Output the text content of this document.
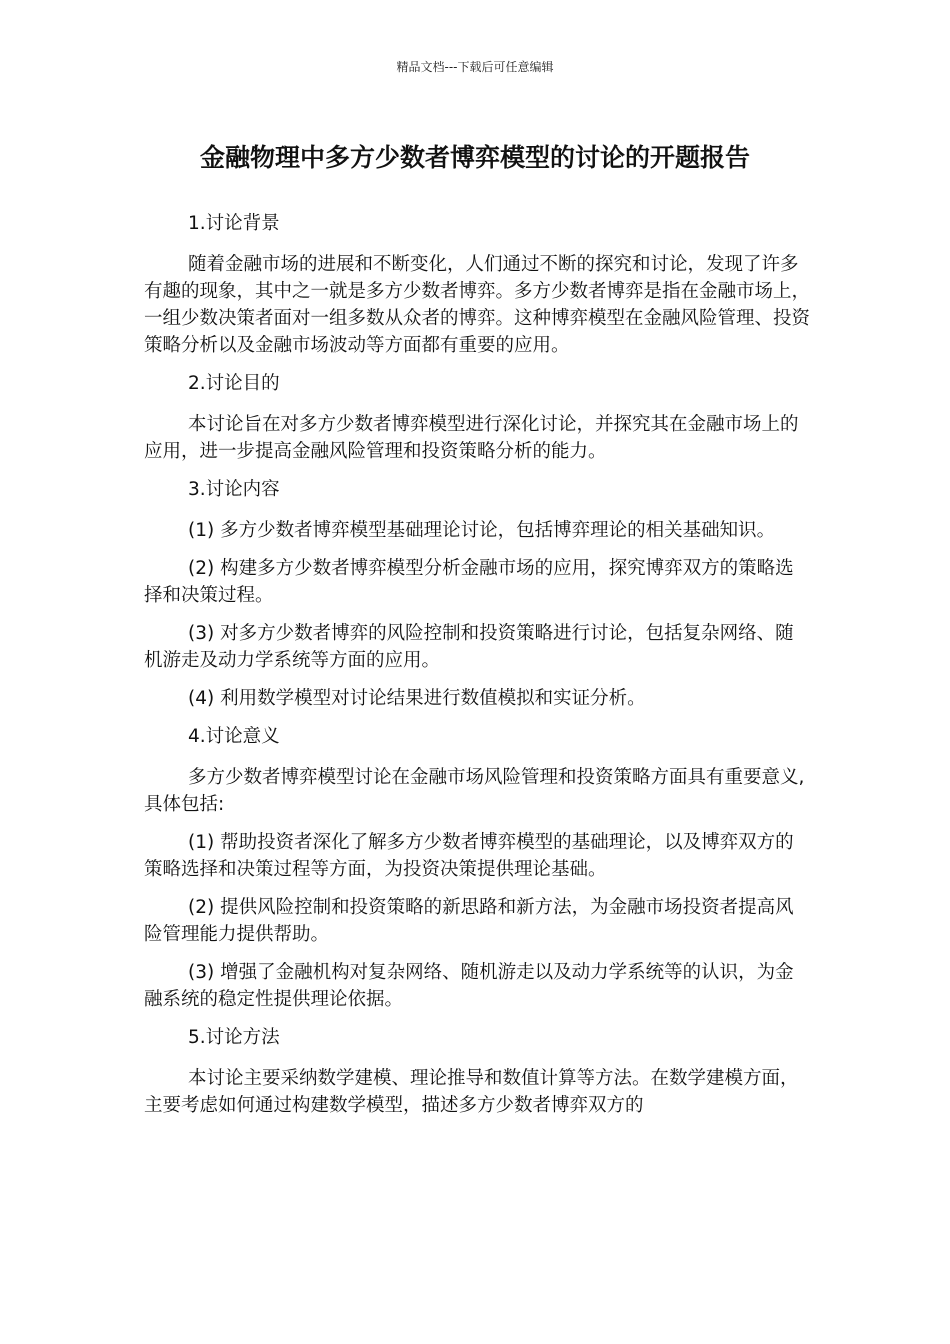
精品文档---下载后可任意编辑
金融物理中多方少数者博弈模型的讨论的开题报告

1.讨论背景

随着金融市场的进展和不断变化，人们通过不断的探究和讨论，发现了许多有趣的现象，其中之一就是多方少数者博弈。多方少数者博弈是指在金融市场上，一组少数决策者面对一组多数从众者的博弈。这种博弈模型在金融风险管理、投资策略分析以及金融市场波动等方面都有重要的应用。

2.讨论目的

本讨论旨在对多方少数者博弈模型进行深化讨论，并探究其在金融市场上的应用，进一步提高金融风险管理和投资策略分析的能力。

3.讨论内容

(1) 多方少数者博弈模型基础理论讨论，包括博弈理论的相关基础知识。

(2) 构建多方少数者博弈模型分析金融市场的应用，探究博弈双方的策略选择和决策过程。

(3) 对多方少数者博弈的风险控制和投资策略进行讨论，包括复杂网络、随机游走及动力学系统等方面的应用。

(4) 利用数学模型对讨论结果进行数值模拟和实证分析。

4.讨论意义

多方少数者博弈模型讨论在金融市场风险管理和投资策略方面具有重要意义, 具体包括:

(1) 帮助投资者深化了解多方少数者博弈模型的基础理论，以及博弈双方的策略选择和决策过程等方面，为投资决策提供理论基础。

(2) 提供风险控制和投资策略的新思路和新方法，为金融市场投资者提高风险管理能力提供帮助。

(3) 增强了金融机构对复杂网络、随机游走以及动力学系统等的认识，为金融系统的稳定性提供理论依据。

5.讨论方法

本讨论主要采纳数学建模、理论推导和数值计算等方法。在数学建模方面，主要考虑如何通过构建数学模型，描述多方少数者博弈双方的
